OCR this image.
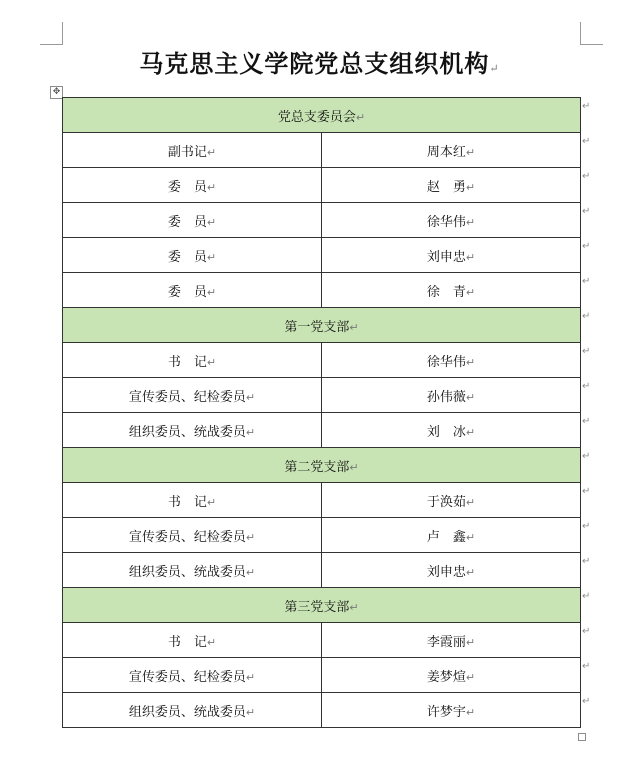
马克思主义学院党总支组织机构↵
✥
党总支委员会↵	
副书记↵	周本红↵
委　员↵	赵　勇↵
委　员↵	徐华伟↵
委　员↵	刘申忠↵
委　员↵	徐　青↵
第一党支部↵	
书　记↵	徐华伟↵
宣传委员、纪检委员↵	孙伟薇↵
组织委员、统战委员↵	刘　冰↵
第二党支部↵	
书　记↵	于涣茹↵
宣传委员、纪检委员↵	卢　鑫↵
组织委员、统战委员↵	刘申忠↵
第三党支部↵	
书　记↵	李霞丽↵
宣传委员、纪检委员↵	姜梦煊↵
组织委员、统战委员↵	许梦宇↵
↵
↵
↵
↵
↵
↵
↵
↵
↵
↵
↵
↵
↵
↵
↵
↵
↵
↵
